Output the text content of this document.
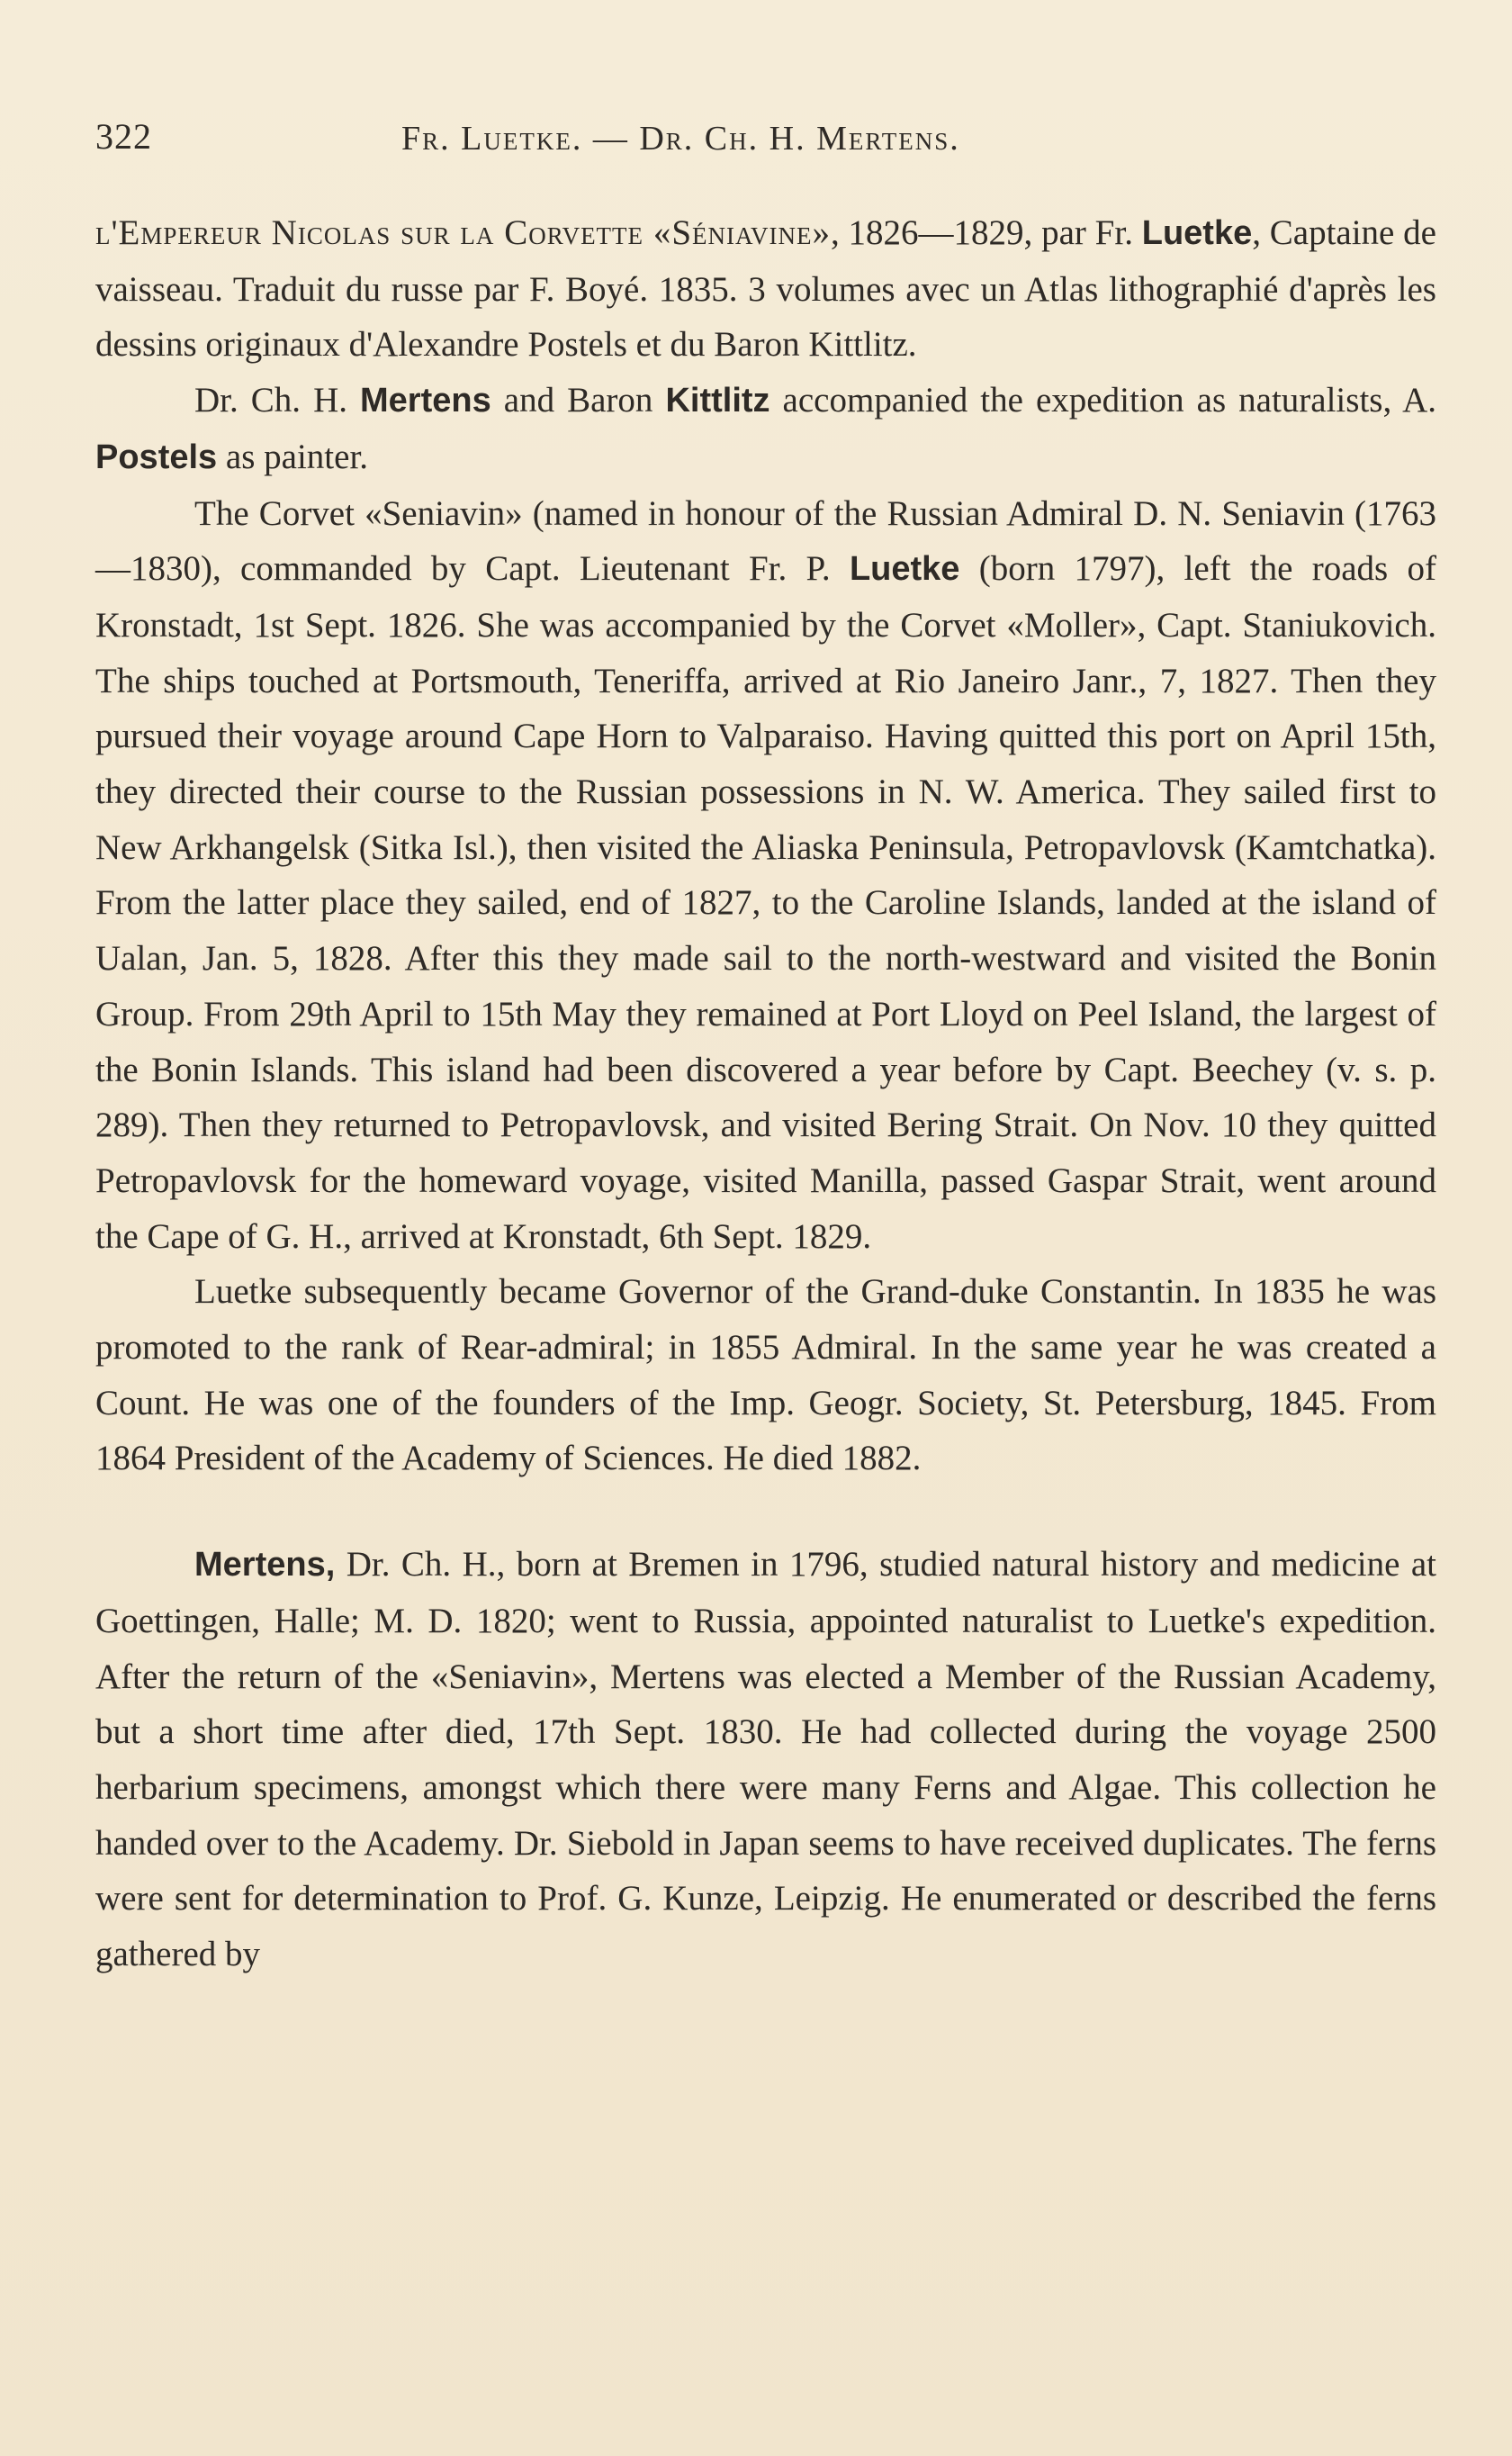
322	Fr. Luetke. — Dr. Ch. H. Mertens.

l'Empereur Nicolas sur la Corvette «Séniavine», 1826—1829, par Fr. Luetke, Captaine de vaisseau. Traduit du russe par F. Boyé. 1835. 3 volumes avec un Atlas lithographié d'après les dessins originaux d'Alexandre Postels et du Baron Kittlitz.

Dr. Ch. H. Mertens and Baron Kittlitz accompanied the expedition as naturalists, A. Postels as painter.

The Corvet «Seniavin» (named in honour of the Russian Admiral D. N. Seniavin (1763—1830), commanded by Capt. Lieutenant Fr. P. Luetke (born 1797), left the roads of Kronstadt, 1st Sept. 1826. She was accompanied by the Corvet «Moller», Capt. Staniukovich. The ships touched at Portsmouth, Teneriffa, arrived at Rio Janeiro Janr., 7, 1827. Then they pursued their voyage around Cape Horn to Valparaiso. Having quitted this port on April 15th, they directed their course to the Russian possessions in N. W. America. They sailed first to New Arkhangelsk (Sitka Isl.), then visited the Aliaska Peninsula, Petropavlovsk (Kamtchatka). From the latter place they sailed, end of 1827, to the Caroline Islands, landed at the island of Ualan, Jan. 5, 1828. After this they made sail to the north-westward and visited the Bonin Group. From 29th April to 15th May they remained at Port Lloyd on Peel Island, the largest of the Bonin Islands. This island had been discovered a year before by Capt. Beechey (v. s. p. 289). Then they returned to Petropavlovsk, and visited Bering Strait. On Nov. 10 they quitted Petropavlovsk for the homeward voyage, visited Manilla, passed Gaspar Strait, went around the Cape of G. H., arrived at Kronstadt, 6th Sept. 1829.

Luetke subsequently became Governor of the Grand-duke Constantin. In 1835 he was promoted to the rank of Rear-admiral; in 1855 Admiral. In the same year he was created a Count. He was one of the founders of the Imp. Geogr. Society, St. Petersburg, 1845. From 1864 President of the Academy of Sciences. He died 1882.

Mertens, Dr. Ch. H., born at Bremen in 1796, studied natural history and medicine at Goettingen, Halle; M. D. 1820; went to Russia, appointed naturalist to Luetke's expedition. After the return of the «Seniavin», Mertens was elected a Member of the Russian Academy, but a short time after died, 17th Sept. 1830. He had collected during the voyage 2500 herbarium specimens, amongst which there were many Ferns and Algae. This collection he handed over to the Academy. Dr. Siebold in Japan seems to have received duplicates. The ferns were sent for determination to Prof. G. Kunze, Leipzig. He enumerated or described the ferns gathered by
